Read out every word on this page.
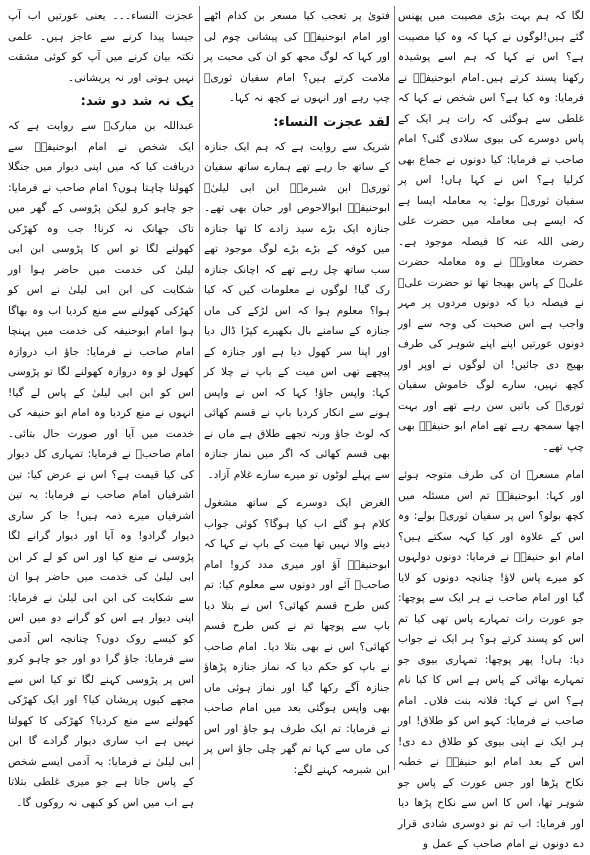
لگا کہ ہم بہت بڑی مصیبت میں پھنس گئے ہیں!لوگوں نے کہا کہ وہ کیا مصیبت ہے؟ اس نے کہا کہ ہم اسے پوشیدہ رکھنا پسند کرتے ہیں۔امام ابوحنیفہؒ نے فرمایا: وہ کیا ہے؟ اس شخص نے کہا کہ غلطی سے ہوگئی کہ رات ہر ایک کے پاس دوسرے کی بیوی سلادی گئی؟ امام صاحب نے فرمایا: کیا دونوں نے جماع بھی کرلیا ہے؟ اس نے کہا ہاں! اس پر سفیان ثوریؒ بولے: یہ معاملہ ایسا ہے کہ ایسے ہی معاملہ میں حضرت علی رضی اللہ عنہ کا فیصلہ موجود ہے۔ حضرت معاویہؓ نے وہ معاملہ حضرت علیؓ کے پاس بھیجا تھا تو حضرت علیؓ نے فیصلہ دیا کہ دونوں مردوں پر مہر واجب ہے اس صحبت کی وجہ سے اور دونوں عورتیں اپنے اپنے شوہر کی طرف بھیج دی جائیں! ان لوگوں نے اوپر اور کچھ نہیں، سارے لوگ خاموش سفیان ثوریؒ کی باتیں سن رہے تھے اور بہت اچھا سمجھ رہے تھے امام ابو حنیفہؒ بھی چپ تھے۔

امام مسعرؒ ان کی طرف متوجہ ہوئے اور کہا: ابوحنیفہؒ تم اس مسئلہ میں کچھ بولو؟ اس پر سفیان ثوریؒ بولے: وہ اس کے علاوہ اور کیا کہہ سکتے ہیں؟ امام ابو حنیفہؒ نے فرمایا: دونوں دولہوں کو میرے پاس لاؤ! چنانچہ دونوں کو لایا گیا اور امام صاحب نے ہر ایک سے پوچھا: جو عورت رات تمہارے پاس تھی کیا تم اس کو پسند کرتے ہو؟ ہر ایک نے جواب دیا: ہاں! پھر پوچھا: تمہاری بیوی جو تمہارے بھائی کے پاس ہے اس کا کیا نام ہے؟ اس نے کہا: فلانہ بنت فلاں۔ امام صاحب نے فرمایا: کہو اس کو طلاق! اور ہر ایک نے اپنی بیوی کو طلاق دے دی! اس کے بعد امام ابو حنیفہؒ نے خطبہ نکاح پڑھا اور جس عورت کے پاس جو شوہر تھا، اس کا اس سے نکاح پڑھا دیا اور فرمایا: اب تم نو دوسری شادی قرار دے دونوں نے امام صاحب کے عمل و

فتویٰ پر تعجب کیا مسعر بن کدام اٹھے اور امام ابوحنیفہؒ کی پیشانی چوم لی اور کہا کہ لوگ مجھ کو ان کی محبت پر ملامت کرتے ہیں؟ امام سفیان ثوریؒ چپ رہے اور انہوں نے کچھ نہ کہا۔

لقد عجزت النساء:

شریک سے روایت ہے کہ ہم ایک جنازہ کے ساتھ جا رہے تھے ہمارے ساتھ سفیان ثوریؒ ابن شبرمہؒ ابن ابی لیلیٰؒ ابوحنیفہؒ ابوالاحوص اور حبان بھی تھے۔ جنازہ ایک بڑے سید زادے کا تھا جنازہ میں کوفہ کے بڑے بڑے لوگ موجود تھے سب ساتھ چل رہے تھے کہ اچانک جنازہ رک گیا! لوگوں نے معلومات کیں کہ کیا ہوا؟ معلوم ہوا کہ اس لڑکے کی ماں جنازہ کے سامنے بال بکھیرے کپڑا ڈال دیا اور اپنا سر کھول دیا ہے اور جنازہ کے پیچھے تھی اس میت کے باپ نے چلا کر کہا: واپس جاؤ! کہا کہ اس نے واپس ہونے سے انکار کردیا باپ نے قسم کھائی کہ لوٹ جاؤ ورنہ تجھے طلاق ہے ماں نے بھی قسم کھائی کہ اگر میں نماز جنازہ سے پہلے لوٹوں تو میرے سارے غلام آزاد۔

الغرض ایک دوسرے کے ساتھ مشغول کلام ہو گئے اب کیا ہوگا؟ کوئی جواب دینے والا نہیں تھا میت کے باپ نے کہا کہ ابوحنیفہؒ آؤ اور میری مدد کرو! امام صاحبؒ آئے اور دونوں سے معلوم کیا: تم کس طرح قسم کھائی؟ اس نے بتلا دیا باپ سے پوچھا تم نے کس طرح قسم کھائی؟ اس نے بھی بتلا دیا۔ امام صاحب نے باپ کو حکم دیا کہ نماز جنازہ پڑھاؤ جنازہ آگے رکھا گیا اور نماز ہوئی ماں بھی واپس ہوگئی بعد میں امام صاحب نے فرمایا: تم ایک طرف ہو جاؤ اور اس کی ماں سے کہا تم گھر چلی جاؤ اس پر ابن شبرمہ کہنے لگے:

عجزت النساء۔۔۔ یعنی عورتیں اب آپ جیسا پیدا کرنے سے عاجز ہیں۔ علمی نکتہ بیان کرنے میں آپ کو کوئی مشقت نہیں ہوتی اور نہ پریشانی۔

یک نہ شد دو شد:

عبداللہ بن مبارکؒ سے روایت ہے کہ ایک شخص نے امام ابوحنیفہؒ سے دریافت کیا کہ میں اپنی دیوار میں جنگلا کھولنا چاہتا ہوں؟ امام صاحب نے فرمایا: جو چاہو کرو لیکن پڑوسی کے گھر میں تاک جھانک نہ کرنا! جب وہ کھڑکی کھولنے لگا تو اس کا پڑوسی ابن ابی لیلیٰ کی خدمت میں حاضر ہوا اور شکایت کی ابن ابی لیلیٰ نے اس کو کھڑکی کھولنے سے منع کردیا اب وہ بھاگا ہوا امام ابوحنیفہ کی خدمت میں پہنچا امام صاحب نے فرمایا: جاؤ اب دروازہ کھول لو وہ دروازہ کھولنے لگا تو پڑوسی اس کو ابن ابی لیلیٰ کے پاس لے گیا! انہوں نے منع کردیا وہ امام ابو حنیفہ کی خدمت میں آیا اور صورت حال بتائی۔ امام صاحبؒ نے فرمایا: تمہاری کل دیوار کی کیا قیمت ہے؟ اس نے عرض کیا: تین اشرفیاں امام صاحب نے فرمایا: یہ تین اشرفیاں میرے ذمہ ہیں! جا کر ساری دیوار گرادو! وہ آیا اور دیوار گرانے لگا پڑوسی نے منع کیا اور اس کو لے کر ابن ابی لیلیٰ کی خدمت میں حاضر ہوا ان سے شکایت کی ابن ابی لیلیٰ نے فرمایا: اپنی دیوار ہے اس کو گرانے دو میں اس کو کیسے روک دوں؟ چنانچہ اس آدمی سے فرمایا: جاؤ گرا دو اور جو چاہو کرو اس پر پڑوسی کہنے لگا تو کیا اس سے مجھے کیوں پریشان کیا؟ اور ایک کھڑکی کھولنے سے منع کردیا؟ کھڑکی کا کھولنا نہیں ہے اب ساری دیوار گرادے گا ابن ابی لیلیٰ نے فرمایا: یہ آدمی ایسے شخص کے پاس جاتا ہے جو میری غلطی بتلاتا ہے اب میں اس کو کبھی نہ روکوں گا۔
